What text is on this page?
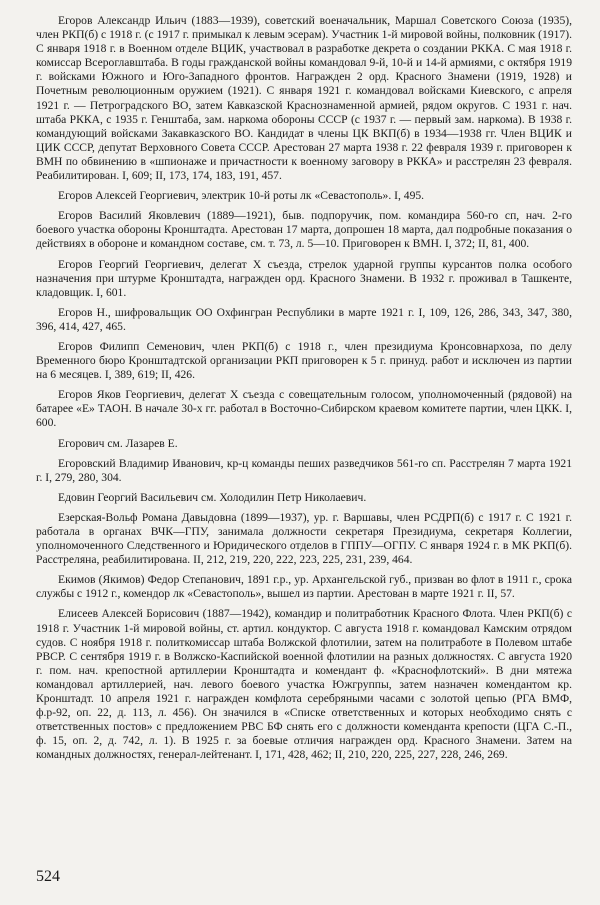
Егоров Александр Ильич (1883—1939), советский военачальник, Маршал Советского Союза (1935), член РКП(б) с 1918 г. (с 1917 г. примыкал к левым эсерам). Участник 1-й мировой войны, полковник (1917). С января 1918 г. в Военном отделе ВЦИК, участвовал в разработке декрета о создании РККА. С мая 1918 г. комиссар Всероглавштаба. В годы гражданской войны командовал 9-й, 10-й и 14-й армиями, с октября 1919 г. войсками Южного и Юго-Западного фронтов. Награжден 2 орд. Красного Знамени (1919, 1928) и Почетным революционным оружием (1921). С января 1921 г. командовал войсками Киевского, с апреля 1921 г. — Петроградского ВО, затем Кавказской Краснознаменной армией, рядом округов. С 1931 г. нач. штаба РККА, с 1935 г. Генштаба, зам. наркома обороны СССР (с 1937 г. — первый зам. наркома). В 1938 г. командующий войсками Закавказского ВО. Кандидат в члены ЦК ВКП(б) в 1934—1938 гг. Член ВЦИК и ЦИК СССР, депутат Верховного Совета СССР. Арестован 27 марта 1938 г. 22 февраля 1939 г. приговорен к ВМН по обвинению в «шпионаже и причастности к военному заговору в РККА» и расстрелян 23 февраля. Реабилитирован. I, 609; II, 173, 174, 183, 191, 457.

Егоров Алексей Георгиевич, электрик 10-й роты лк «Севастополь». I, 495.

Егоров Василий Яковлевич (1889—1921), быв. подпоручик, пом. командира 560-го сп, нач. 2-го боевого участка обороны Кронштадта. Арестован 17 марта, допрошен 18 марта, дал подробные показания о действиях в обороне и командном составе, см. т. 73, л. 5—10. Приговорен к ВМН. I, 372; II, 81, 400.

Егоров Георгий Георгиевич, делегат X съезда, стрелок ударной группы курсантов полка особого назначения при штурме Кронштадта, награжден орд. Красного Знамени. В 1932 г. проживал в Ташкенте, кладовщик. I, 601.

Егоров Н., шифровальщик ОО Охфингран Республики в марте 1921 г. I, 109, 126, 286, 343, 347, 380, 396, 414, 427, 465.

Егоров Филипп Семенович, член РКП(б) с 1918 г., член президиума Кронсовнархоза, по делу Временного бюро Кронштадтской организации РКП приговорен к 5 г. принуд. работ и исключен из партии на 6 месяцев. I, 389, 619; II, 426.

Егоров Яков Георгиевич, делегат X съезда с совещательным голосом, уполномоченный (рядовой) на батарее «Е» ТАОН. В начале 30-х гг. работал в Восточно-Сибирском краевом комитете партии, член ЦКК. I, 600.

Егорович см. Лазарев Е.

Егоровский Владимир Иванович, кр-ц команды пеших разведчиков 561-го сп. Расстрелян 7 марта 1921 г. I, 279, 280, 304.

Едовин Георгий Васильевич см. Холодилин Петр Николаевич.

Езерская-Вольф Романа Давыдовна (1899—1937), ур. г. Варшавы, член РСДРП(б) с 1917 г. С 1921 г. работала в органах ВЧК—ГПУ, занимала должности секретаря Президиума, секретаря Коллегии, уполномоченного Следственного и Юридического отделов в ГППУ—ОГПУ. С января 1924 г. в МК РКП(б). Расстреляна, реабилитирована. II, 212, 219, 220, 222, 223, 225, 231, 239, 464.

Екимов (Якимов) Федор Степанович, 1891 г.р., ур. Архангельской губ., призван во флот в 1911 г., срока службы с 1912 г., комендор лк «Севастополь», вышел из партии. Арестован в марте 1921 г. II, 57.

Елисеев Алексей Борисович (1887—1942), командир и политработник Красного Флота. Член РКП(б) с 1918 г. Участник 1-й мировой войны, ст. артил. кондуктор. С августа 1918 г. командовал Камским отрядом судов. С ноября 1918 г. политкомиссар штаба Волжской флотилии, затем на политработе в Полевом штабе РВСР. С сентября 1919 г. в Волжско-Каспийской военной флотилии на разных должностях. С августа 1920 г. пом. нач. крепостной артиллерии Кронштадта и комендант ф. «Краснофлотский». В дни мятежа командовал артиллерией, нач. левого боевого участка Южгруппы, затем назначен комендантом кр. Кронштадт. 10 апреля 1921 г. награжден комфлота серебряными часами с золотой цепью (РГА ВМФ, ф.р-92, оп. 22, д. 113, л. 456). Он значился в «Списке ответственных и которых необходимо снять с ответственных постов» с предложением РВС БФ снять его с должности коменданта крепости (ЦГА С.-П., ф. 15, оп. 2, д. 742, л. 1). В 1925 г. за боевые отличия награжден орд. Красного Знамени. Затем на командных должностях, генерал-лейтенант. I, 171, 428, 462; II, 210, 220, 225, 227, 228, 246, 269.

524
